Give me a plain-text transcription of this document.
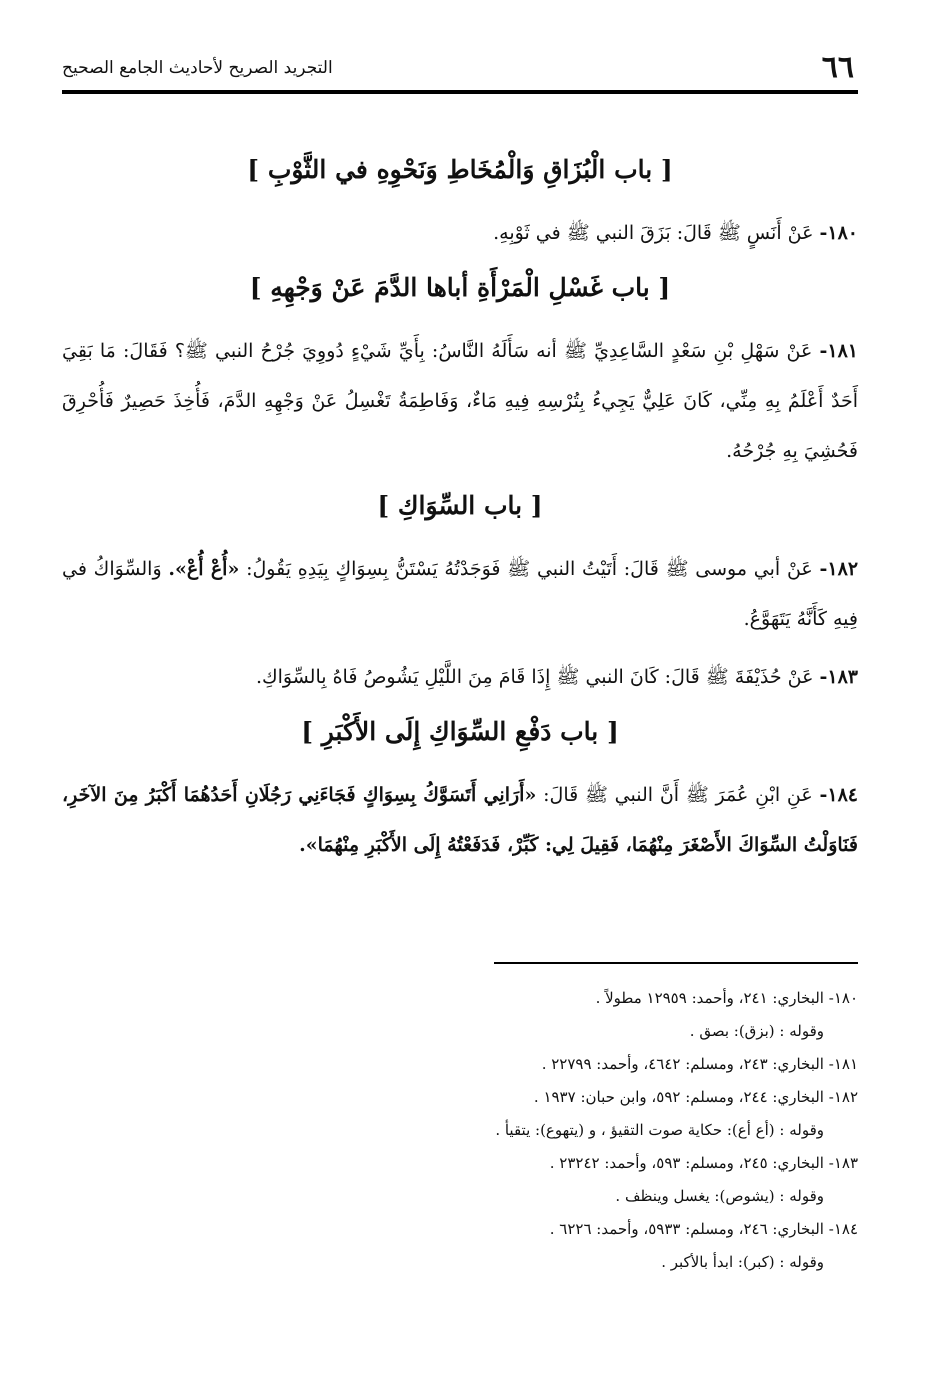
٦٦
التجريد الصريح لأحاديث الجامع الصحيح
[ باب الْبُزَاقِ وَالْمُخَاطِ وَنَحْوِهِ في الثَّوْبِ ]

١٨٠- عَنْ أَنَسٍ ﷺ قَالَ: بَزَقَ النبي ﷺ في ثَوْبِهِ.

[ باب غَسْلِ الْمَرْأَةِ أباها الدَّمَ عَنْ وَجْهِهِ ]

١٨١- عَنْ سَهْلِ بْنِ سَعْدٍ السَّاعِدِيِّ ﷺ أنه سَأَلَهُ النَّاسُ: بِأَيِّ شَيْءٍ دُووِيَ جُرْحُ النبي ﷺ؟ فَقَالَ: مَا بَقِيَ أَحَدٌ أَعْلَمُ بِهِ مِنِّي، كَانَ عَلِيٌّ يَجِيءُ بِتُرْسِهِ فِيهِ مَاءٌ، وَفَاطِمَةُ تَغْسِلُ عَنْ وَجْهِهِ الدَّمَ، فَأُخِذَ حَصِيرٌ فَأُحْرِقَ فَحُشِيَ بِهِ جُرْحُهُ.

[ باب السِّوَاكِ ]

١٨٢- عَنْ أبي موسى ﷺ قَالَ: أَتَيْتُ النبي ﷺ فَوَجَدْتُهُ يَسْتَنُّ بِسِوَاكٍ بِيَدِهِ يَقُولُ: «أُعْ أُعْ». وَالسِّوَاكُ في فِيهِ كَأَنَّهُ يَتَهَوَّعُ.

١٨٣- عَنْ حُذَيْفَةَ ﷺ قَالَ: كَانَ النبي ﷺ إِذَا قَامَ مِنَ اللَّيْلِ يَشُوصُ فَاهُ بِالسِّوَاكِ.

[ باب دَفْعِ السِّوَاكِ إِلَى الأَكْبَرِ ]

١٨٤- عَنِ ابْنِ عُمَرَ ﷺ أَنَّ النبي ﷺ قَالَ: «أَرَانِي أَتَسَوَّكُ بِسِوَاكٍ فَجَاءَنِي رَجُلَانِ أَحَدُهُمَا أَكْبَرُ مِنَ الآخَرِ، فَنَاوَلْتُ السِّوَاكَ الأَصْغَرَ مِنْهُمَا، فَقِيلَ لِي: كَبِّرْ، فَدَفَعْتُهُ إِلَى الأَكْبَرِ مِنْهُمَا».

١٨٠- البخاري: ٢٤١، وأحمد: ١٢٩٥٩ مطولاً .

وقوله : (بزق): بصق .

١٨١- البخاري: ٢٤٣، ومسلم: ٤٦٤٢، وأحمد: ٢٢٧٩٩ .

١٨٢- البخاري: ٢٤٤، ومسلم: ٥٩٢، وابن حبان: ١٩٣٧ .

وقوله : (أع أع): حكاية صوت التقيؤ ، و (يتهوع): يتقيأ .

١٨٣- البخاري: ٢٤٥، ومسلم: ٥٩٣، وأحمد: ٢٣٢٤٢ .

وقوله : (يشوص): يغسل وينظف .

١٨٤- البخاري: ٢٤٦، ومسلم: ٥٩٣٣، وأحمد: ٦٢٢٦ .

وقوله : (كبر): ابدأ بالأكبر .
